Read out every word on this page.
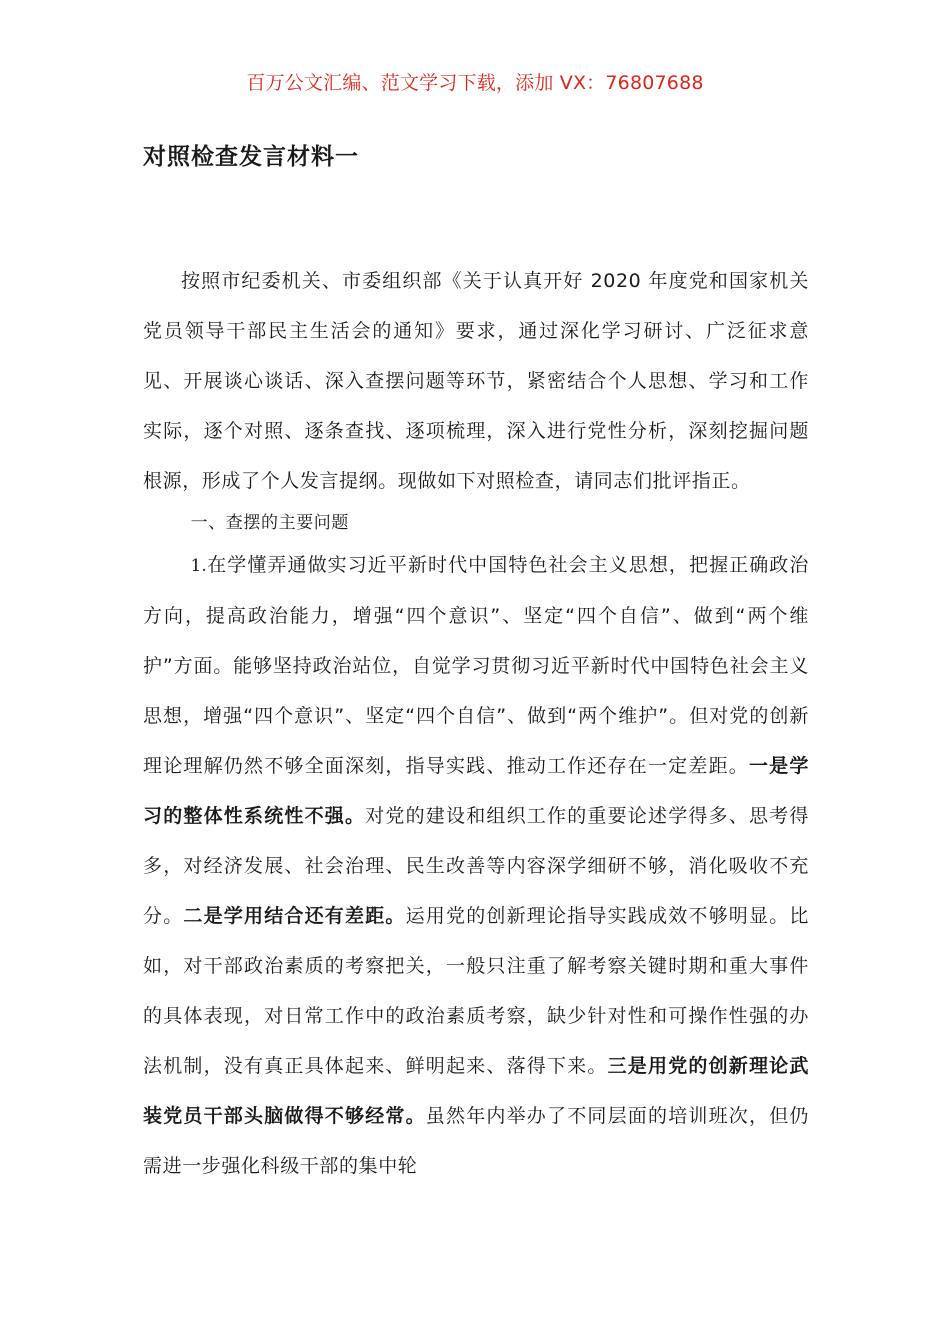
百万公文汇编、范文学习下载，添加 VX：76807688
对照检查发言材料一

按照市纪委机关、市委组织部《关于认真开好 2020 年度党和国家机关党员领导干部民主生活会的通知》要求，通过深化学习研讨、广泛征求意见、开展谈心谈话、深入查摆问题等环节，紧密结合个人思想、学习和工作实际，逐个对照、逐条查找、逐项梳理，深入进行党性分析，深刻挖掘问题根源，形成了个人发言提纲。现做如下对照检查，请同志们批评指正。

一、查摆的主要问题

1.在学懂弄通做实习近平新时代中国特色社会主义思想，把握正确政治方向，提高政治能力，增强“四个意识”、坚定“四个自信”、做到“两个维护”方面。能够坚持政治站位，自觉学习贯彻习近平新时代中国特色社会主义思想，增强“四个意识”、坚定“四个自信”、做到“两个维护”。但对党的创新理论理解仍然不够全面深刻，指导实践、推动工作还存在一定差距。一是学习的整体性系统性不强。对党的建设和组织工作的重要论述学得多、思考得多，对经济发展、社会治理、民生改善等内容深学细研不够，消化吸收不充分。二是学用结合还有差距。运用党的创新理论指导实践成效不够明显。比如，对干部政治素质的考察把关，一般只注重了解考察关键时期和重大事件的具体表现，对日常工作中的政治素质考察，缺少针对性和可操作性强的办法机制，没有真正具体起来、鲜明起来、落得下来。三是用党的创新理论武装党员干部头脑做得不够经常。虽然年内举办了不同层面的培训班次，但仍需进一步强化科级干部的集中轮
